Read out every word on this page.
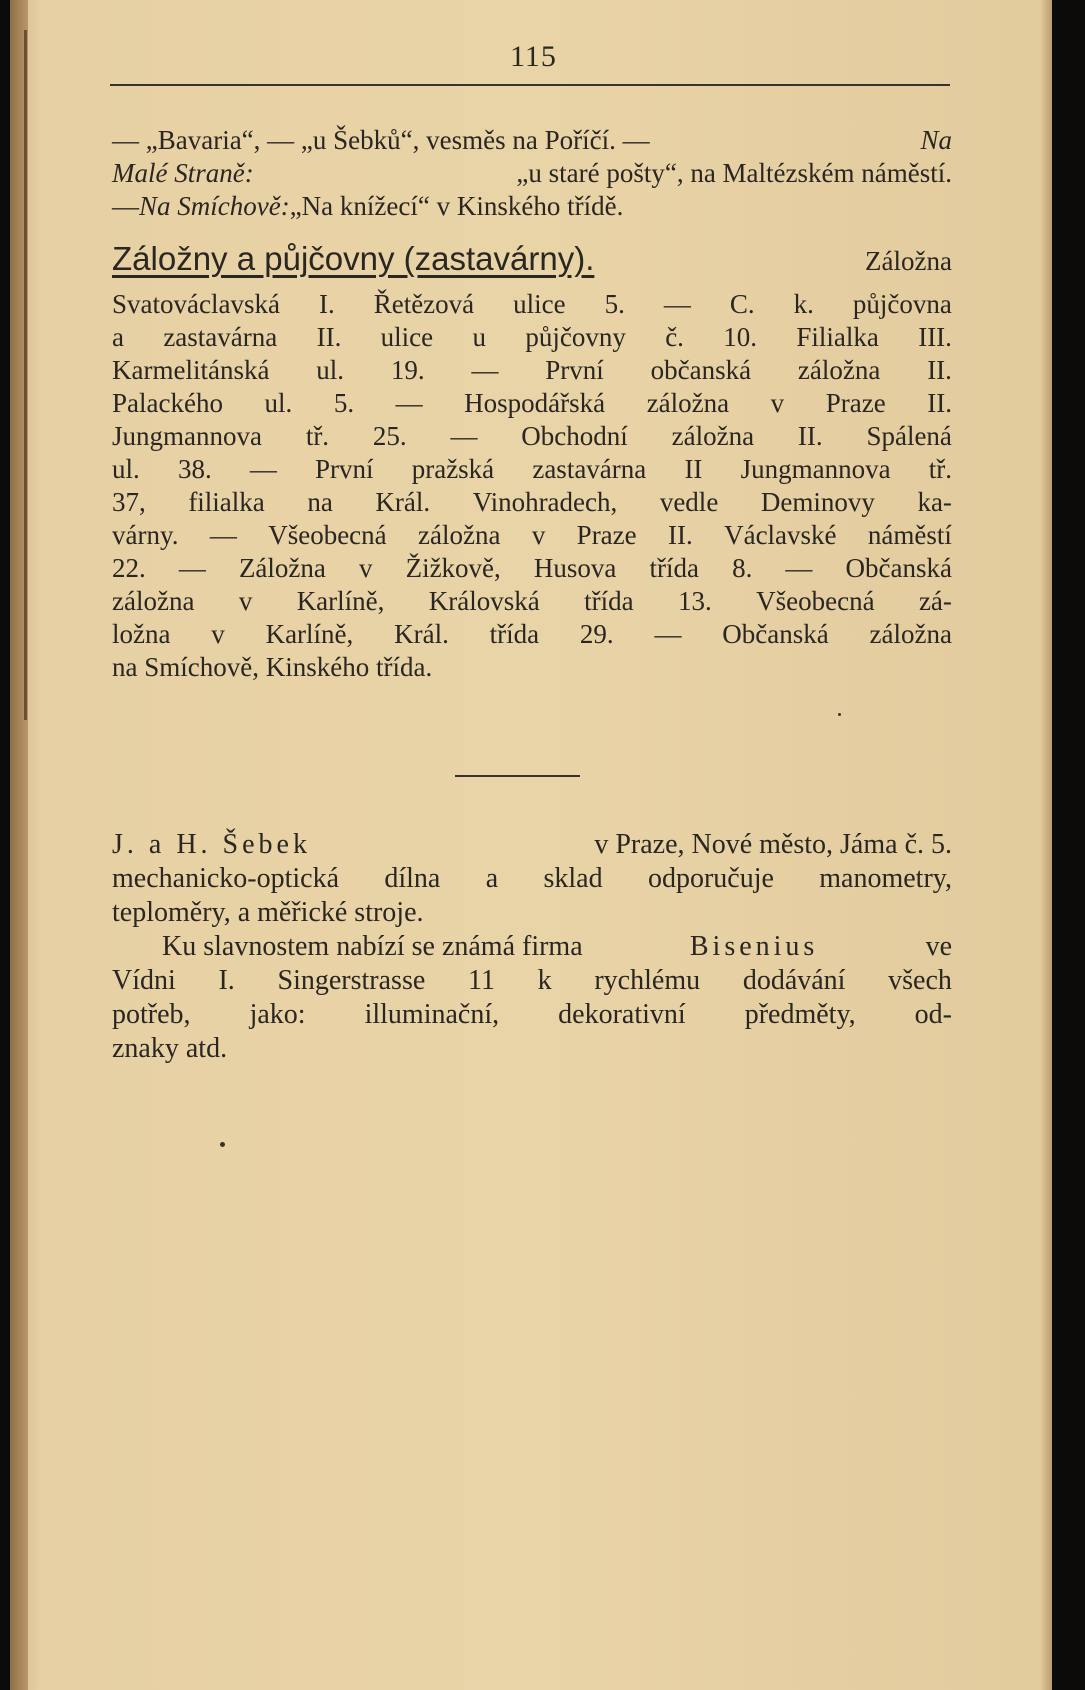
115
— „Bavaria“, — „u Šebků“, vesměs na Poříčí. —	Na
Malé Straně:	„u staré pošty“, na Maltézském náměstí.
— Na Smíchově: „Na knížecí“ v Kinského třídě.
Záložny a půjčovny (zastavárny).	Záložna
Svatováclavská I. Řetězová ulice 5. — C. k. půjčovna
a zastavárna II. ulice u půjčovny č. 10. Filialka III.
Karmelitánská ul. 19. — První občanská záložna II.
Palackého ul. 5. — Hospodářská záložna v Praze II.
Jungmannova tř. 25. — Obchodní záložna II. Spálená
ul. 38. — První pražská zastavárna II Jungmannova tř.
37, filialka na Král. Vinohradech, vedle Deminovy ka-
várny. — Všeobecná záložna v Praze II. Václavské náměstí
22. — Záložna v Žižkově, Husova třída 8. — Občanská
záložna v Karlíně, Královská třída 13. Všeobecná zá-
ložna v Karlíně, Král. třída 29. — Občanská záložna
na Smíchově, Kinského třída.
J. a H. Šebek	v Praze, Nové město, Jáma č. 5.
mechanicko-optická dílna a sklad odporučuje manometry,
teploměry, a měřické stroje.
Ku slavnostem nabízí se známá firma	Bisenius	ve
Vídni I. Singerstrasse 11 k rychlému dodávání všech
potřeb, jako: illuminační, dekorativní předměty, od-
znaky atd.
